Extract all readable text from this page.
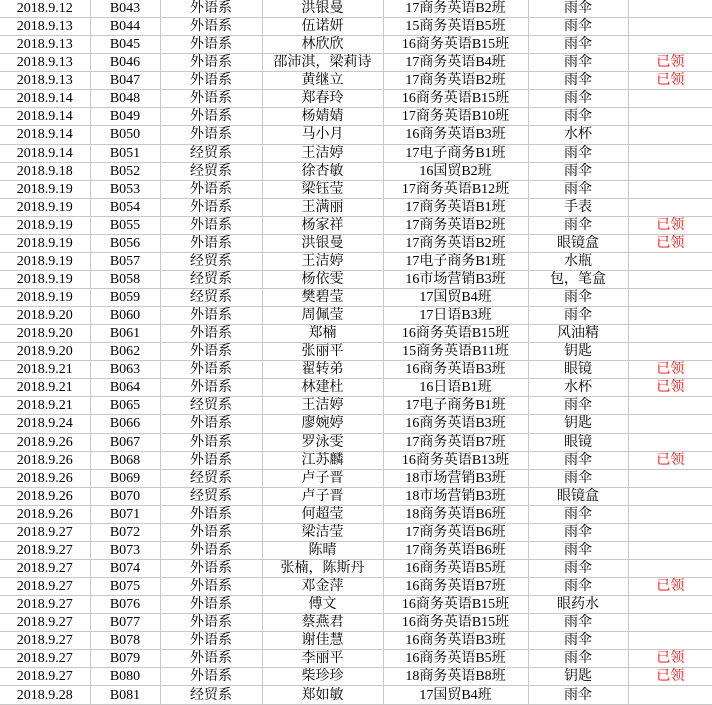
2018.9.12	B043	外语系	洪银曼	17商务英语B2班	雨伞	
2018.9.13	B044	外语系	伍诺妍	15商务英语B5班	雨伞	
2018.9.13	B045	外语系	林欣欣	16商务英语B15班	雨伞	
2018.9.13	B046	外语系	邵沛淇，梁莉诗	17商务英语B4班	雨伞	已领
2018.9.13	B047	外语系	黄继立	17商务英语B2班	雨伞	已领
2018.9.14	B048	外语系	郑春玲	16商务英语B15班	雨伞	
2018.9.14	B049	外语系	杨婧婧	17商务英语B10班	雨伞	
2018.9.14	B050	外语系	马小月	16商务英语B3班	水杯	
2018.9.14	B051	经贸系	王洁婷	17电子商务B1班	雨伞	
2018.9.18	B052	经贸系	徐杏敏	16国贸B2班	雨伞	
2018.9.19	B053	外语系	梁钰莹	17商务英语B12班	雨伞	
2018.9.19	B054	外语系	王满丽	17商务英语B1班	手表	
2018.9.19	B055	外语系	杨家祥	17商务英语B2班	雨伞	已领
2018.9.19	B056	外语系	洪银曼	17商务英语B2班	眼镜盒	已领
2018.9.19	B057	经贸系	王洁婷	17电子商务B1班	水瓶	
2018.9.19	B058	经贸系	杨依雯	16市场营销B3班	包，笔盒	
2018.9.19	B059	经贸系	樊碧莹	17国贸B4班	雨伞	
2018.9.20	B060	外语系	周佩莹	17日语B3班	雨伞	
2018.9.20	B061	外语系	郑楠	16商务英语B15班	风油精	
2018.9.20	B062	外语系	张丽平	15商务英语B11班	钥匙	
2018.9.21	B063	外语系	翟转弟	16商务英语B3班	眼镜	已领
2018.9.21	B064	外语系	林建杜	16日语B1班	水杯	已领
2018.9.21	B065	经贸系	王洁婷	17电子商务B1班	雨伞	
2018.9.24	B066	外语系	廖婉婷	16商务英语B3班	钥匙	
2018.9.26	B067	外语系	罗泳雯	17商务英语B7班	眼镜	
2018.9.26	B068	外语系	江苏麟	16商务英语B13班	雨伞	已领
2018.9.26	B069	经贸系	卢子晋	18市场营销B3班	雨伞	
2018.9.26	B070	经贸系	卢子晋	18市场营销B3班	眼镜盒	
2018.9.26	B071	外语系	何超莹	18商务英语B6班	雨伞	
2018.9.27	B072	外语系	梁洁莹	17商务英语B6班	雨伞	
2018.9.27	B073	外语系	陈晴	17商务英语B6班	雨伞	
2018.9.27	B074	外语系	张楠，陈斯丹	16商务英语B5班	雨伞	
2018.9.27	B075	外语系	邓金萍	16商务英语B7班	雨伞	已领
2018.9.27	B076	外语系	傅文	16商务英语B15班	眼药水	
2018.9.27	B077	外语系	蔡燕君	16商务英语B15班	雨伞	
2018.9.27	B078	外语系	谢佳慧	16商务英语B3班	雨伞	
2018.9.27	B079	外语系	李丽平	16商务英语B5班	雨伞	已领
2018.9.27	B080	外语系	柴珍珍	18商务英语B8班	钥匙	已领
2018.9.28	B081	经贸系	郑如敏	17国贸B4班	雨伞	
